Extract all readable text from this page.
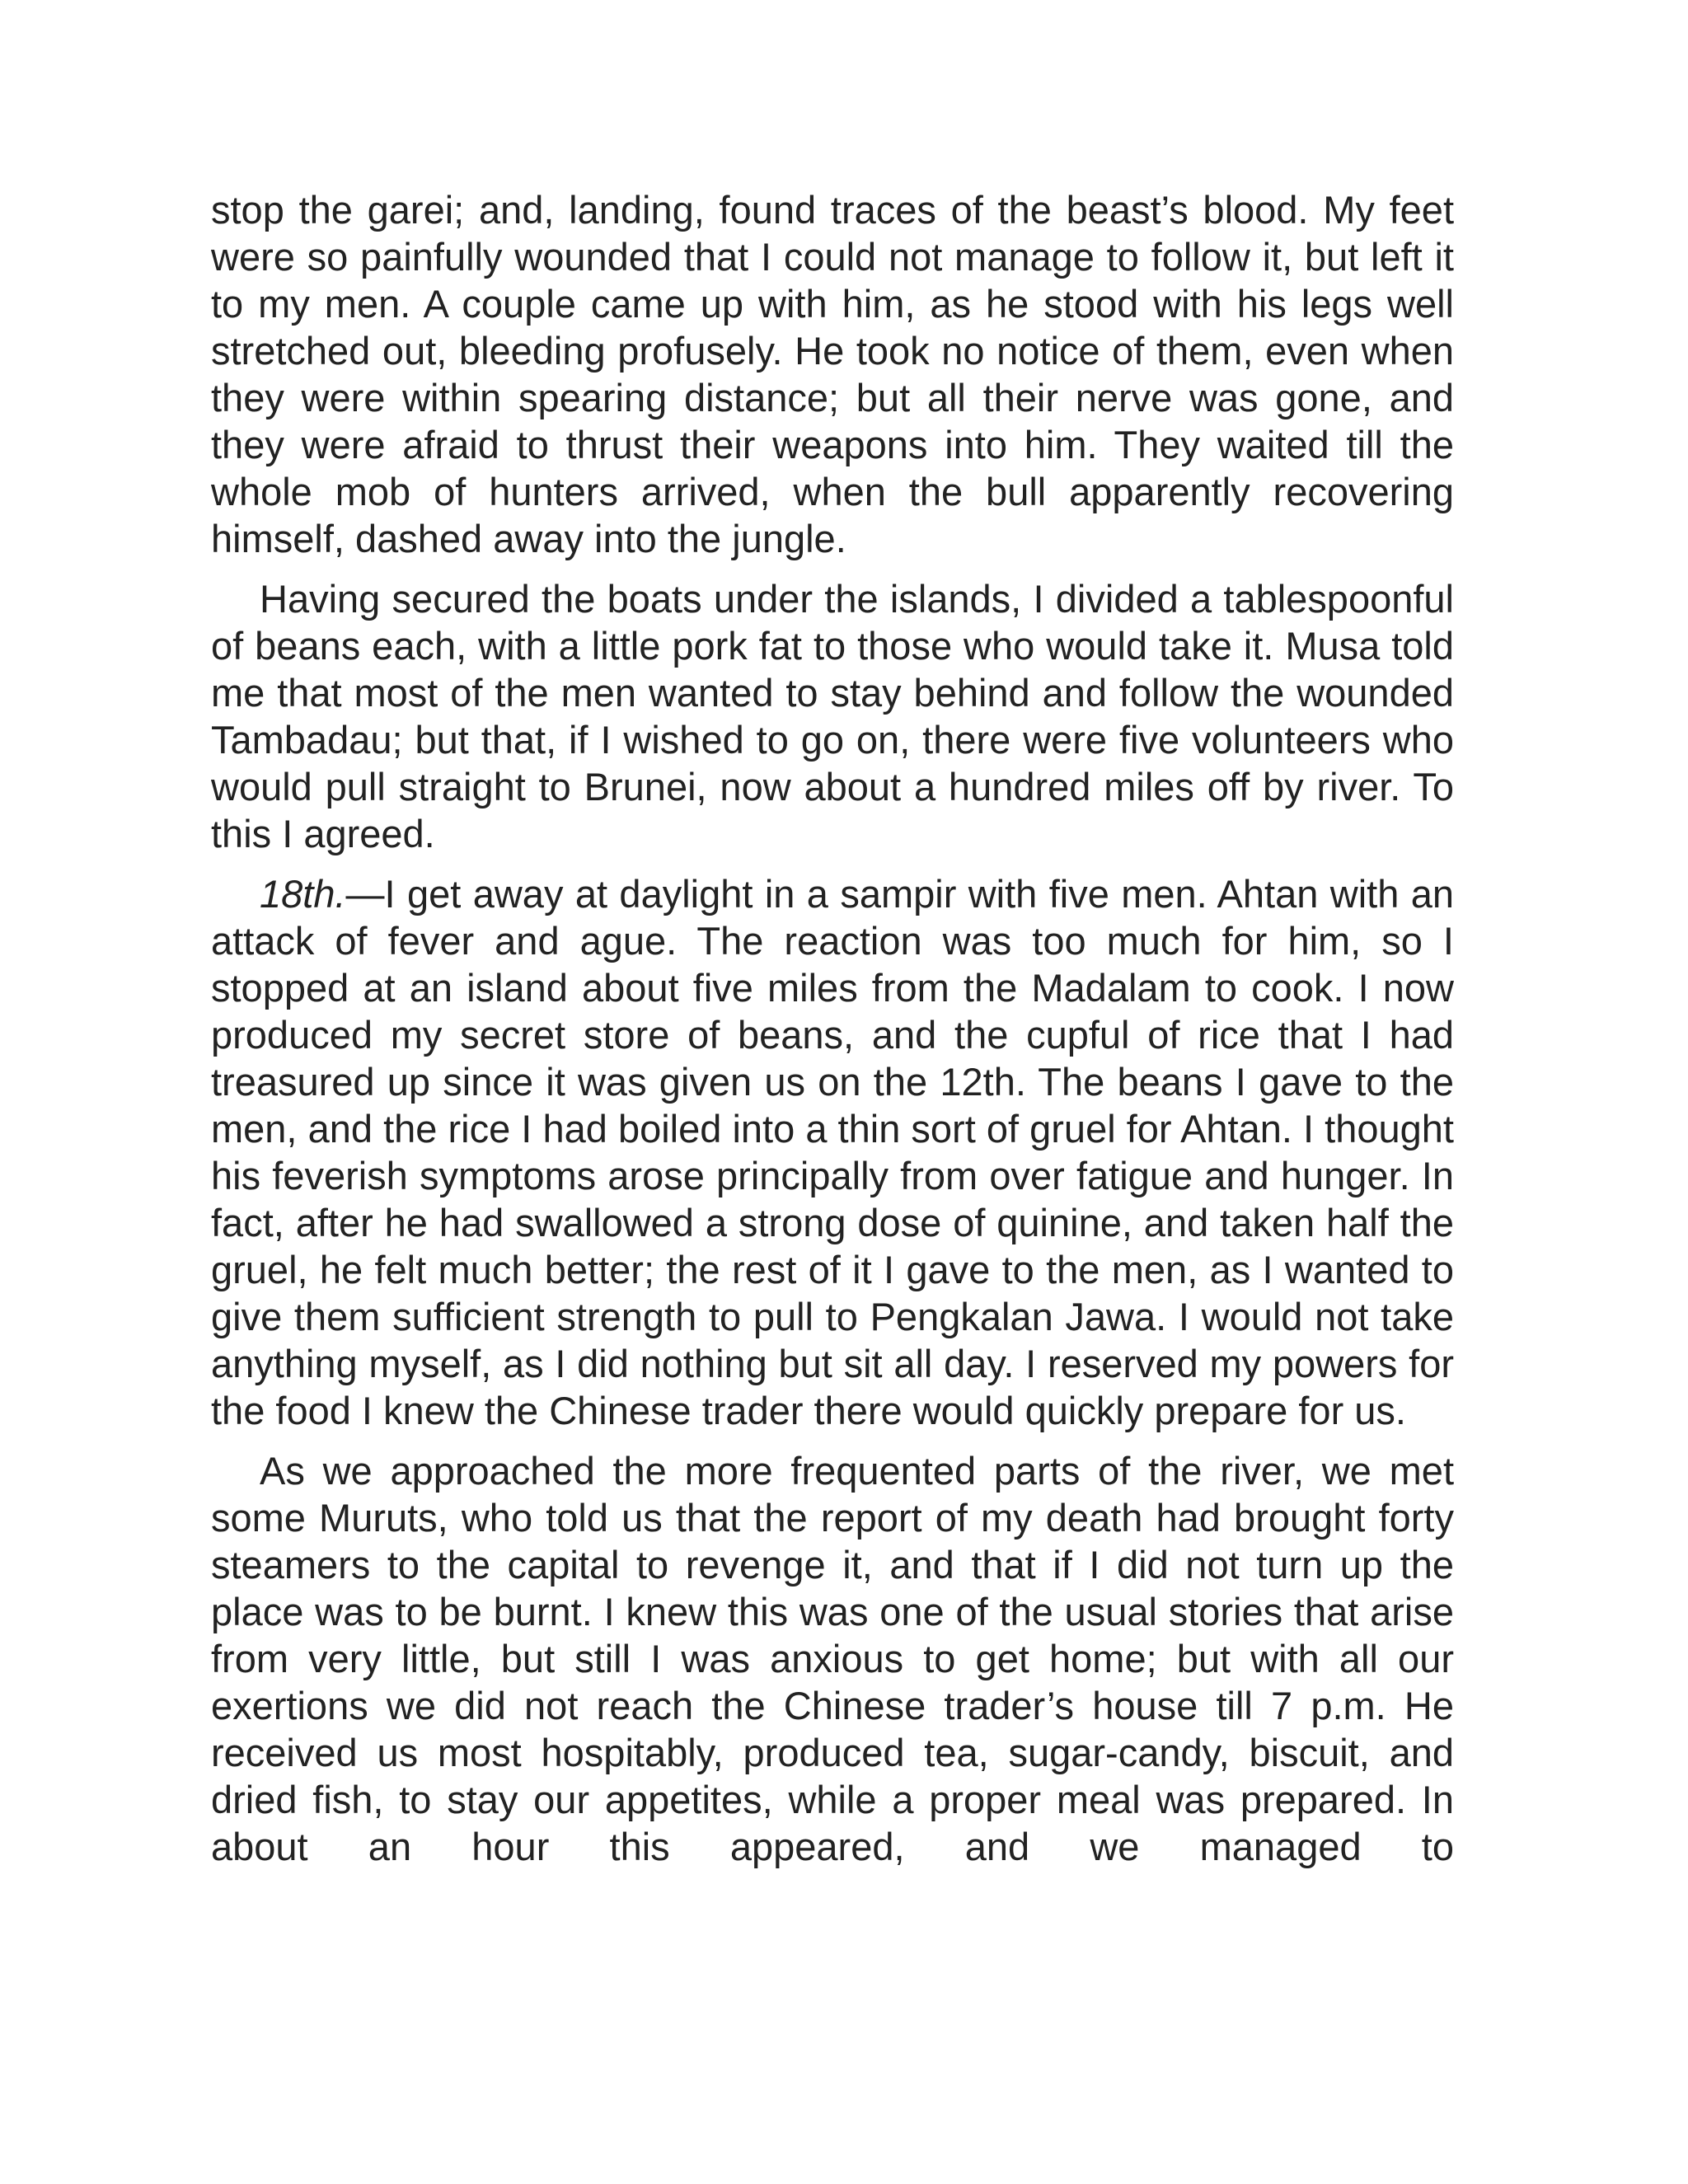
stop the garei; and, landing, found traces of the beast’s blood. My feet were so painfully wounded that I could not manage to follow it, but left it to my men. A couple came up with him, as he stood with his legs well stretched out, bleeding profusely. He took no notice of them, even when they were within spearing distance; but all their nerve was gone, and they were afraid to thrust their weapons into him. They waited till the whole mob of hunters arrived, when the bull apparently recovering himself, dashed away into the jungle.

Having secured the boats under the islands, I divided a tablespoonful of beans each, with a little pork fat to those who would take it. Musa told me that most of the men wanted to stay behind and follow the wounded Tambadau; but that, if I wished to go on, there were five volunteers who would pull straight to Brunei, now about a hundred miles off by river. To this I agreed.

18th.—I get away at daylight in a sampir with five men. Ahtan with an attack of fever and ague. The reaction was too much for him, so I stopped at an island about five miles from the Madalam to cook. I now produced my secret store of beans, and the cupful of rice that I had treasured up since it was given us on the 12th. The beans I gave to the men, and the rice I had boiled into a thin sort of gruel for Ahtan. I thought his feverish symptoms arose principally from over fatigue and hunger. In fact, after he had swallowed a strong dose of quinine, and taken half the gruel, he felt much better; the rest of it I gave to the men, as I wanted to give them sufficient strength to pull to Pengkalan Jawa. I would not take anything myself, as I did nothing but sit all day. I reserved my powers for the food I knew the Chinese trader there would quickly prepare for us.

As we approached the more frequented parts of the river, we met some Muruts, who told us that the report of my death had brought forty steamers to the capital to revenge it, and that if I did not turn up the place was to be burnt. I knew this was one of the usual stories that arise from very little, but still I was anxious to get home; but with all our exertions we did not reach the Chinese trader’s house till 7 p.m. He received us most hospitably, produced tea, sugar-candy, biscuit, and dried fish, to stay our appetites, while a proper meal was prepared. In about an hour this appeared, and we managed to
